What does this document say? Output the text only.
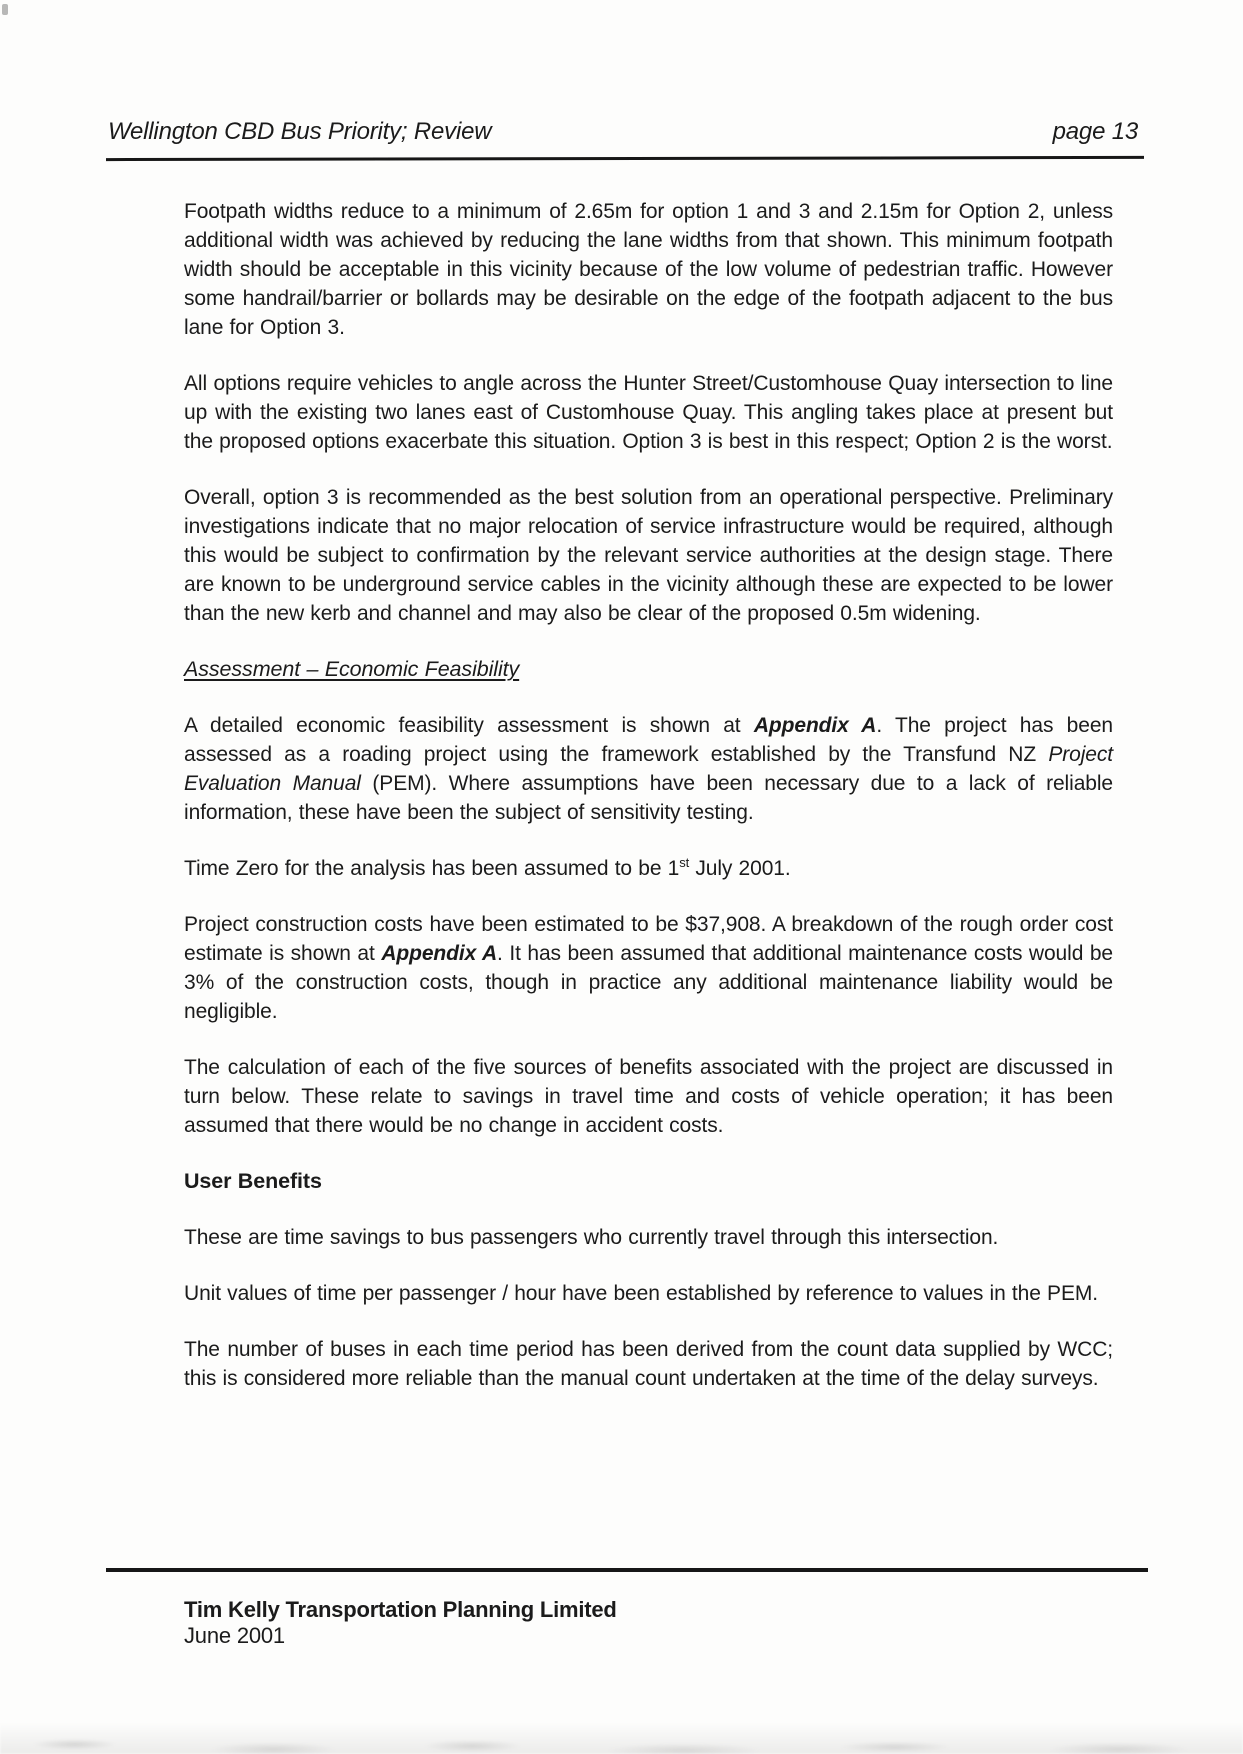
Wellington CBD Bus Priority; Review	page 13

Footpath widths reduce to a minimum of 2.65m for option 1 and 3 and 2.15m for Option 2, unless additional width was achieved by reducing the lane widths from that shown. This minimum footpath width should be acceptable in this vicinity because of the low volume of pedestrian traffic. However some handrail/barrier or bollards may be desirable on the edge of the footpath adjacent to the bus lane for Option 3.

All options require vehicles to angle across the Hunter Street/Customhouse Quay intersection to line up with the existing two lanes east of Customhouse Quay. This angling takes place at present but the proposed options exacerbate this situation. Option 3 is best in this respect; Option 2 is the worst.

Overall, option 3 is recommended as the best solution from an operational perspective. Preliminary investigations indicate that no major relocation of service infrastructure would be required, although this would be subject to confirmation by the relevant service authorities at the design stage. There are known to be underground service cables in the vicinity although these are expected to be lower than the new kerb and channel and may also be clear of the proposed 0.5m widening.

Assessment – Economic Feasibility

A detailed economic feasibility assessment is shown at Appendix A. The project has been assessed as a roading project using the framework established by the Transfund NZ Project Evaluation Manual (PEM). Where assumptions have been necessary due to a lack of reliable information, these have been the subject of sensitivity testing.

Time Zero for the analysis has been assumed to be 1st July 2001.

Project construction costs have been estimated to be $37,908. A breakdown of the rough order cost estimate is shown at Appendix A. It has been assumed that additional maintenance costs would be 3% of the construction costs, though in practice any additional maintenance liability would be negligible.

The calculation of each of the five sources of benefits associated with the project are discussed in turn below. These relate to savings in travel time and costs of vehicle operation; it has been assumed that there would be no change in accident costs.

User Benefits

These are time savings to bus passengers who currently travel through this intersection.

Unit values of time per passenger / hour have been established by reference to values in the PEM.

The number of buses in each time period has been derived from the count data supplied by WCC; this is considered more reliable than the manual count undertaken at the time of the delay surveys.

Tim Kelly Transportation Planning Limited
June 2001
